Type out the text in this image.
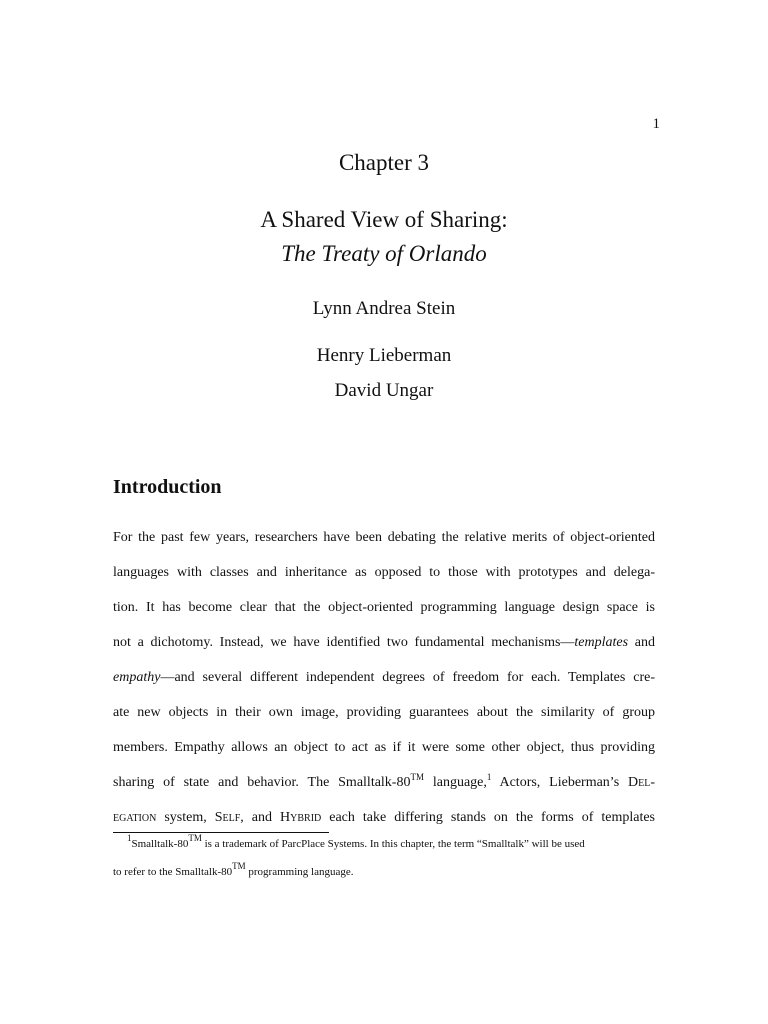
1
Chapter 3
A Shared View of Sharing:
The Treaty of Orlando
Lynn Andrea Stein
Henry Lieberman
David Ungar
Introduction
For the past few years, researchers have been debating the relative merits of object-oriented
languages with classes and inheritance as opposed to those with prototypes and delega-
tion. It has become clear that the object-oriented programming language design space is
not a dichotomy. Instead, we have identified two fundamental mechanisms—templates and
empathy—and several different independent degrees of freedom for each. Templates cre-
ate new objects in their own image, providing guarantees about the similarity of group
members. Empathy allows an object to act as if it were some other object, thus providing
sharing of state and behavior. The Smalltalk-80™ language,$^1$ Actors, Lieberman’s Del-
egation system, Self, and Hybrid each take differing stands on the forms of templates
$^1$Smalltalk-80™ is a trademark of ParcPlace Systems. In this chapter, the term “Smalltalk” will be used
to refer to the Smalltalk-80™ programming language.
